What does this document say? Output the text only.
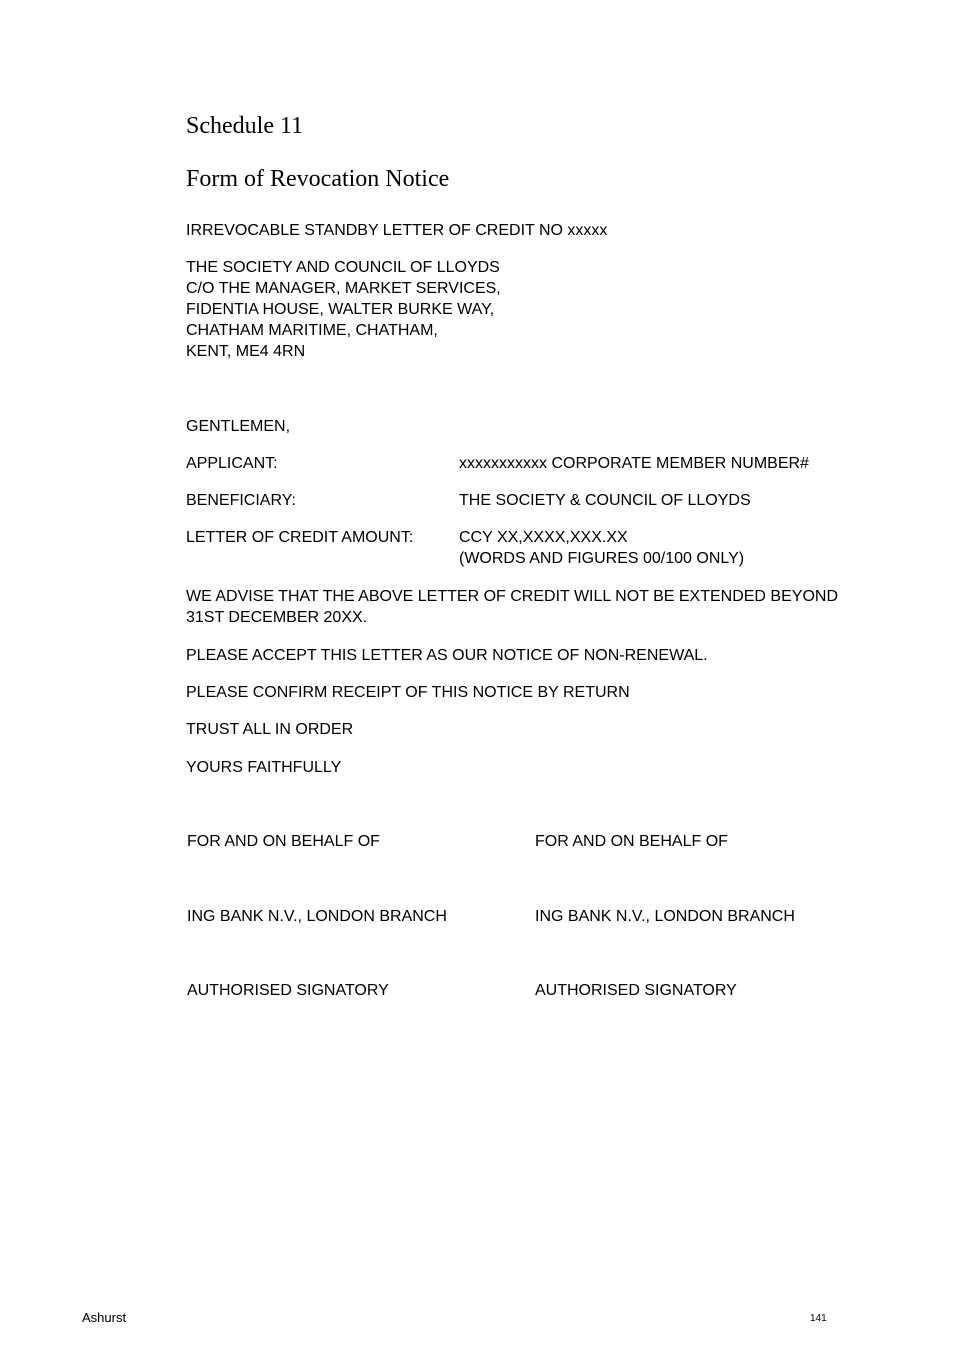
Schedule 11
Form of Revocation Notice
IRREVOCABLE STANDBY LETTER OF CREDIT NO xxxxx
THE SOCIETY AND COUNCIL OF LLOYDS
C/O THE MANAGER, MARKET SERVICES,
FIDENTIA HOUSE, WALTER BURKE WAY,
CHATHAM MARITIME, CHATHAM,
KENT, ME4 4RN
GENTLEMEN,
APPLICANT:	xxxxxxxxxxx CORPORATE MEMBER NUMBER#
BENEFICIARY:	THE SOCIETY & COUNCIL OF LLOYDS
LETTER OF CREDIT AMOUNT:	CCY XX,XXXX,XXX.XX
(WORDS AND FIGURES 00/100 ONLY)
WE ADVISE THAT THE ABOVE LETTER OF CREDIT WILL NOT BE EXTENDED BEYOND
31ST DECEMBER 20XX.
PLEASE ACCEPT THIS LETTER AS OUR NOTICE OF NON-RENEWAL.
PLEASE CONFIRM RECEIPT OF THIS NOTICE BY RETURN
TRUST ALL IN ORDER
YOURS FAITHFULLY
FOR AND ON BEHALF OF	FOR AND ON BEHALF OF
ING BANK N.V., LONDON BRANCH	ING BANK N.V., LONDON BRANCH
AUTHORISED SIGNATORY	AUTHORISED SIGNATORY
Ashurst	141
